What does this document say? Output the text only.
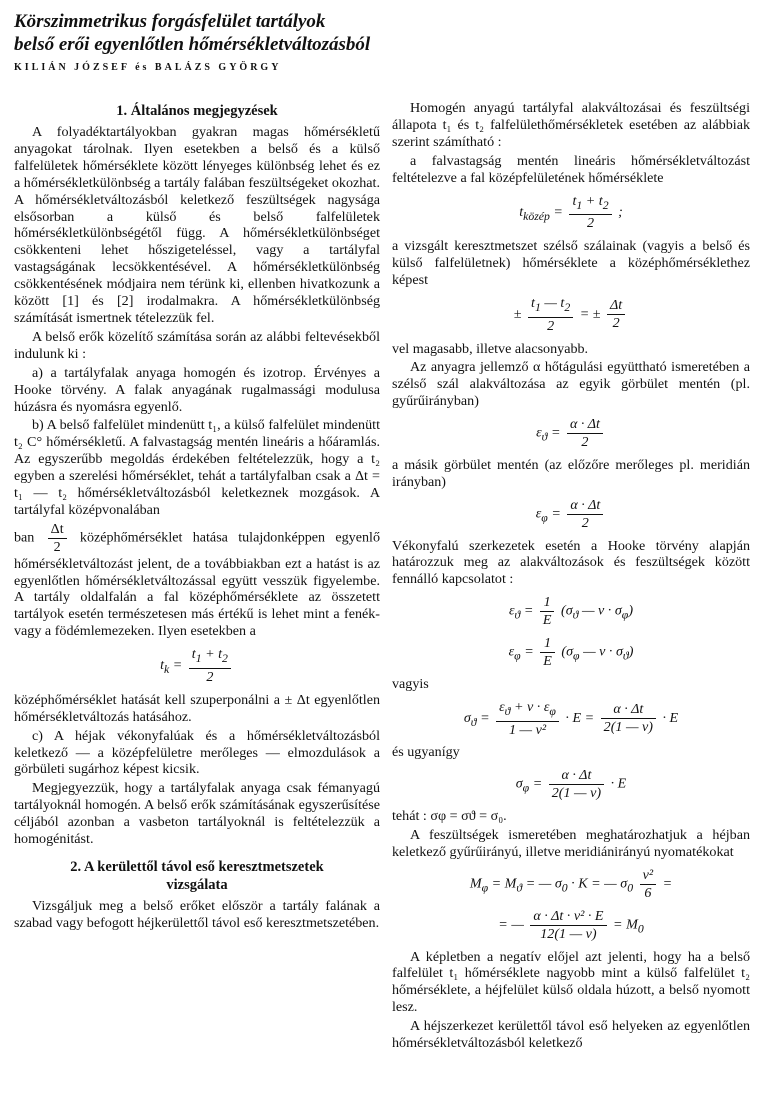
Körszimmetrikus forgásfelület tartályok
belső erői egyenlőtlen hőmérsékletváltozásból
KILIÁN JÓZSEF és BALÁZS GYÖRGY
1. Általános megjegyzések

A folyadéktartályokban gyakran magas hőmérsékletű anyagokat tárolnak. Ilyen esetekben a belső és a külső falfelületek hőmérséklete között lényeges különbség lehet és ez a hőmérsékletkülönbség a tartály falában feszültségeket okozhat. A hőmérsékletváltozásból keletkező feszültségek nagysága elsősorban a külső és belső falfelületek hőmérsékletkülönbségétől függ. A hőmérsékletkülönbséget csökkenteni lehet hőszigeteléssel, vagy a tartályfal vastagságának lecsökkentésével. A hőmérsékletkülönbség csökkentésének módjaira nem térünk ki, ellenben hivatkozunk a között [1] és [2] irodalmakra. A hőmérsékletkülönbség számítását ismertnek tételezzük fel.

A belső erők közelítő számítása során az alábbi feltevésekből indulunk ki :

a) a tartályfalak anyaga homogén és izotrop. Érvényes a Hooke törvény. A falak anyagának rugalmassági modulusa húzásra és nyomásra egyenlő.

b) A belső falfelület mindenütt t₁, a külső falfelület mindenütt t₂ C° hőmérsékletű. A falvastagság mentén lineáris a hőáramlás. Az egyszerűbb megoldás érdekében feltételezzük, hogy a t₂ egyben a szerelési hőmérséklet, tehát a tartályfalban csak a Δt = t₁ — t₂ hőmérsékletváltozásból keletkeznek mozgások. A tartályfal középvonalában

ban $\frac{\Delta t}{2}$ középhőmérséklet hatása tulajdonképpen egyenlő hőmérsékletváltozást jelent, de a továbbiakban ezt a hatást is az egyenlőtlen hőmérsékletváltozással együtt vesszük figyelembe. A tartály oldalfalán a fal középhőmérséklete az összetett tartályok esetén természetesen más értékű is lehet mint a fenék- vagy a födémlemezeken. Ilyen esetekben a

$t_k = \frac{t_1 + t_2}{2}$

középhőmérséklet hatását kell szuperponálni a ± Δt egyenlőtlen hőmérsékletváltozás hatásához.

c) A héjak vékonyfalúak és a hőmérsékletváltozásból keletkező — a középfelületre merőleges — elmozdulások a görbületi sugárhoz képest kicsik.

Megjegyezzük, hogy a tartályfalak anyaga csak fémanyagú tartályoknál homogén. A belső erők számításának egyszerűsítése céljából azonban a vasbeton tartályoknál is feltételezzük a homogénitást.

2. A kerülettől távol eső keresztmetszetek
vizsgálata

Vizsgáljuk meg a belső erőket először a tartály falának a szabad vagy befogott héjkerülettől távol eső keresztmetszetében.

Homogén anyagú tartályfal alakváltozásai és feszültségi állapota t₁ és t₂ falfelülethőmérsékletek esetében az alábbiak szerint számítható :

a falvastagság mentén lineáris hőmérsékletváltozást feltételezve a fal középfelületének hőmérséklete

$t_{közép} = \frac{t_1 + t_2}{2}$ ;

a vizsgált keresztmetszet szélső szálainak (vagyis a belső és külső falfelületnek) hőmérséklete a középhőmérséklethez képest

± $\frac{t_1 — t_2}{2}$ = ± $\frac{\Delta t}{2}$

vel magasabb, illetve alacsonyabb.

Az anyagra jellemző α hőtágulási együttható ismeretében a szélső szál alakváltozása az egyik görbület mentén (pl. gyűrűirányban)

$\varepsilon_ϑ = \frac{\alpha \cdot \Delta t}{2}$

a másik görbület mentén (az előzőre merőleges pl. meridián irányban)

$\varepsilon_\varphi = \frac{\alpha \cdot \Delta t}{2}$

Vékonyfalú szerkezetek esetén a Hooke törvény alapján határozzuk meg az alakváltozások és feszültségek között fennálló kapcsolatot :

$\varepsilon_ϑ = \frac{1}{E} (\sigma_ϑ$ — $\nu \cdot \sigma_\varphi$)
$\varepsilon_\varphi = \frac{1}{E} (\sigma_\varphi$ — $\nu \cdot \sigma_ϑ$)

vagyis

$\sigma_ϑ = \frac{\varepsilon_ϑ + \nu \cdot \varepsilon_\varphi}{\text{1 — ν²}} \cdot E = \frac{\alpha \cdot \Delta t}{2(1 — \nu)} \cdot E$

és ugyanígy

$\sigma_\varphi = \frac{\alpha \cdot \Delta t}{2(1 — \nu)} \cdot E$

tehát : σφ = σϑ = σ₀.

A feszültségek ismeretében meghatározhatjuk a héjban keletkező gyűrűirányú, illetve meridiánirányú nyomatékokat

$M_\varphi = M_ϑ$ = — $\sigma_0 \cdot K$ = — $\sigma_0 \frac{\text{v²}}{6}$ =
= — $\frac{\text{α · Δt · v² · E}}{12(1 — \nu)} = M_0$

A képletben a negatív előjel azt jelenti, hogy ha a belső falfelület t₁ hőmérséklete nagyobb mint a külső falfelület t₂ hőmérséklete, a héjfelület külső oldala húzott, a belső nyomott lesz.

A héjszerkezet kerülettől távol eső helyeken az egyenlőtlen hőmérsékletváltozásból keletkező
